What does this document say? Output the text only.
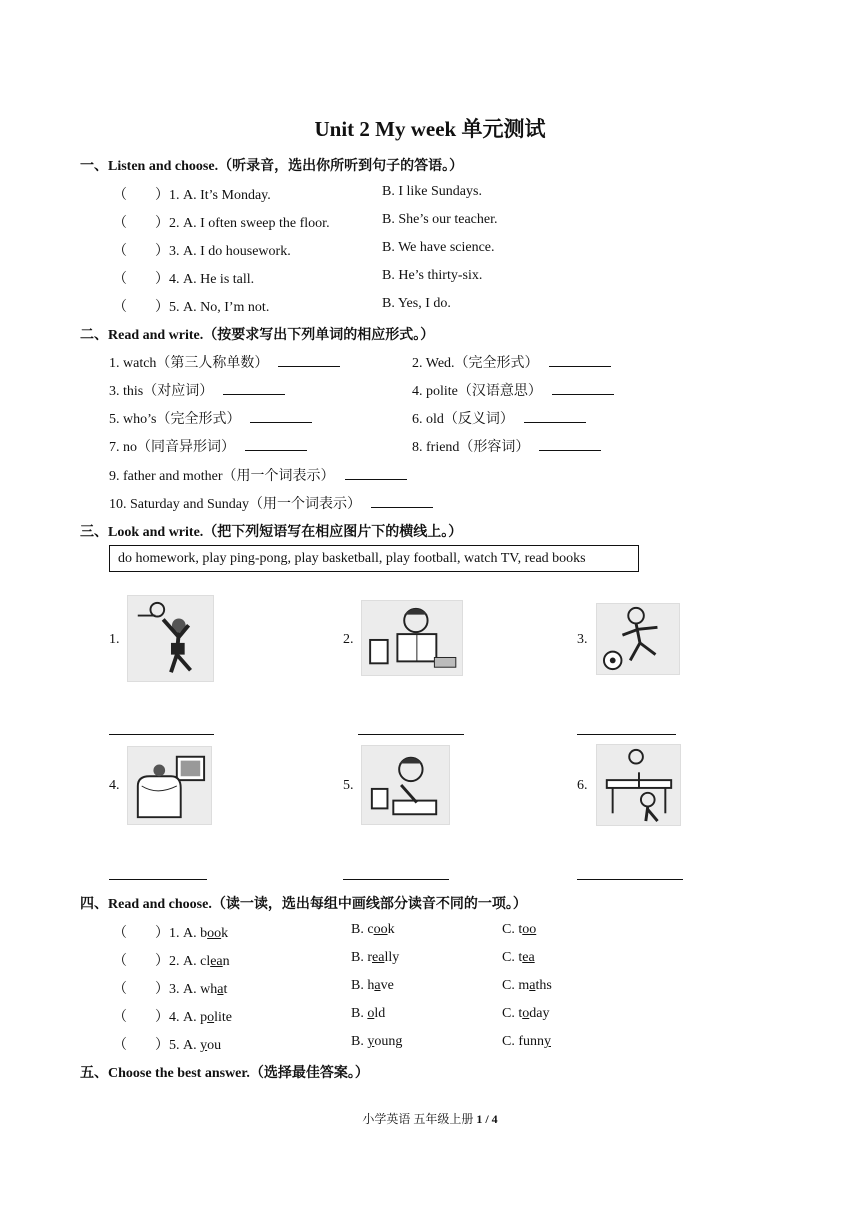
Unit 2 My week 单元测试
一、Listen and choose.（听录音，选出你所听到句子的答语。）
（　　）1. A. It’s Monday.	B. I like Sundays.
（　　）2. A. I often sweep the floor.	B. She’s our teacher.
（　　）3. A. I do housework.	B. We have science.
（　　）4. A. He is tall.	B. He’s thirty-six.
（　　）5. A. No, I’m not.	B. Yes, I do.
二、Read and write.（按要求写出下列单词的相应形式。）
1. watch（第三人称单数）	2. Wed.（完全形式）
3. this（对应词）	4. polite（汉语意思）
5. who’s（完全形式）	6. old（反义词）
7. no（同音异形词）	8. friend（形容词）
9. father and mother（用一个词表示）
10. Saturday and Sunday（用一个词表示）
三、Look and write.（把下列短语写在相应图片下的横线上。）
do homework, play ping-pong, play basketball, play football, watch TV, read books
1.	2.	3.
4.	5.	6.
四、Read and choose.（读一读，选出每组中画线部分读音不同的一项。）
（　　）1. A. book	B. cook	C. too
（　　）2. A. clean	B. really	C. tea
（　　）3. A. what	B. have	C. maths
（　　）4. A. polite	B. old	C. today
（　　）5. A. you	B. young	C. funny
五、Choose the best answer.（选择最佳答案。）
小学英语 五年级上册 1 / 4
